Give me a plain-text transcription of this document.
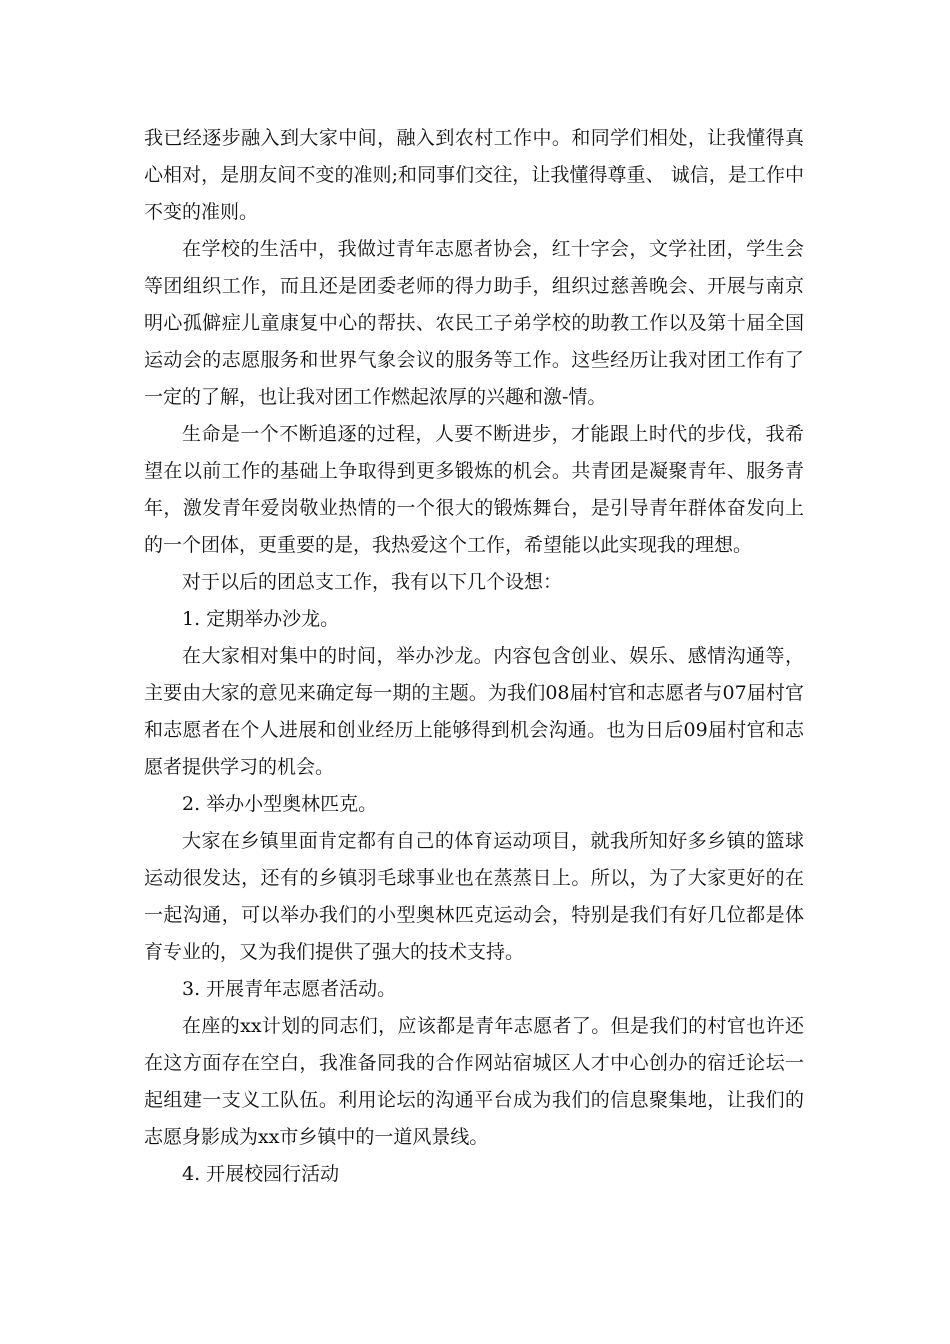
我已经逐步融入到大家中间，融入到农村工作中。和同学们相处，让我懂得真心相对，是朋友间不变的准则;和同事们交往，让我懂得尊重、 诚信，是工作中不变的准则。

在学校的生活中，我做过青年志愿者协会，红十字会，文学社团，学生会等团组织工作，而且还是团委老师的得力助手，组织过慈善晚会、开展与南京明心孤僻症儿童康复中心的帮扶、农民工子弟学校的助教工作以及第十届全国运动会的志愿服务和世界气象会议的服务等工作。这些经历让我对团工作有了一定的了解，也让我对团工作燃起浓厚的兴趣和激-情。

生命是一个不断追逐的过程，人要不断进步，才能跟上时代的步伐，我希望在以前工作的基础上争取得到更多锻炼的机会。共青团是凝聚青年、服务青年，激发青年爱岗敬业热情的一个很大的锻炼舞台，是引导青年群体奋发向上的一个团体，更重要的是，我热爱这个工作，希望能以此实现我的理想。

对于以后的团总支工作，我有以下几个设想：

1. 定期举办沙龙。

在大家相对集中的时间，举办沙龙。内容包含创业、娱乐、感情沟通等，主要由大家的意见来确定每一期的主题。为我们08届村官和志愿者与07届村官和志愿者在个人进展和创业经历上能够得到机会沟通。也为日后09届村官和志愿者提供学习的机会。

2. 举办小型奥林匹克。

大家在乡镇里面肯定都有自己的体育运动项目，就我所知好多乡镇的篮球运动很发达，还有的乡镇羽毛球事业也在蒸蒸日上。所以，为了大家更好的在一起沟通，可以举办我们的小型奥林匹克运动会，特别是我们有好几位都是体育专业的，又为我们提供了强大的技术支持。

3. 开展青年志愿者活动。

在座的xx计划的同志们，应该都是青年志愿者了。但是我们的村官也许还在这方面存在空白，我准备同我的合作网站宿城区人才中心创办的宿迁论坛一起组建一支义工队伍。利用论坛的沟通平台成为我们的信息聚集地，让我们的志愿身影成为xx市乡镇中的一道风景线。

4. 开展校园行活动
